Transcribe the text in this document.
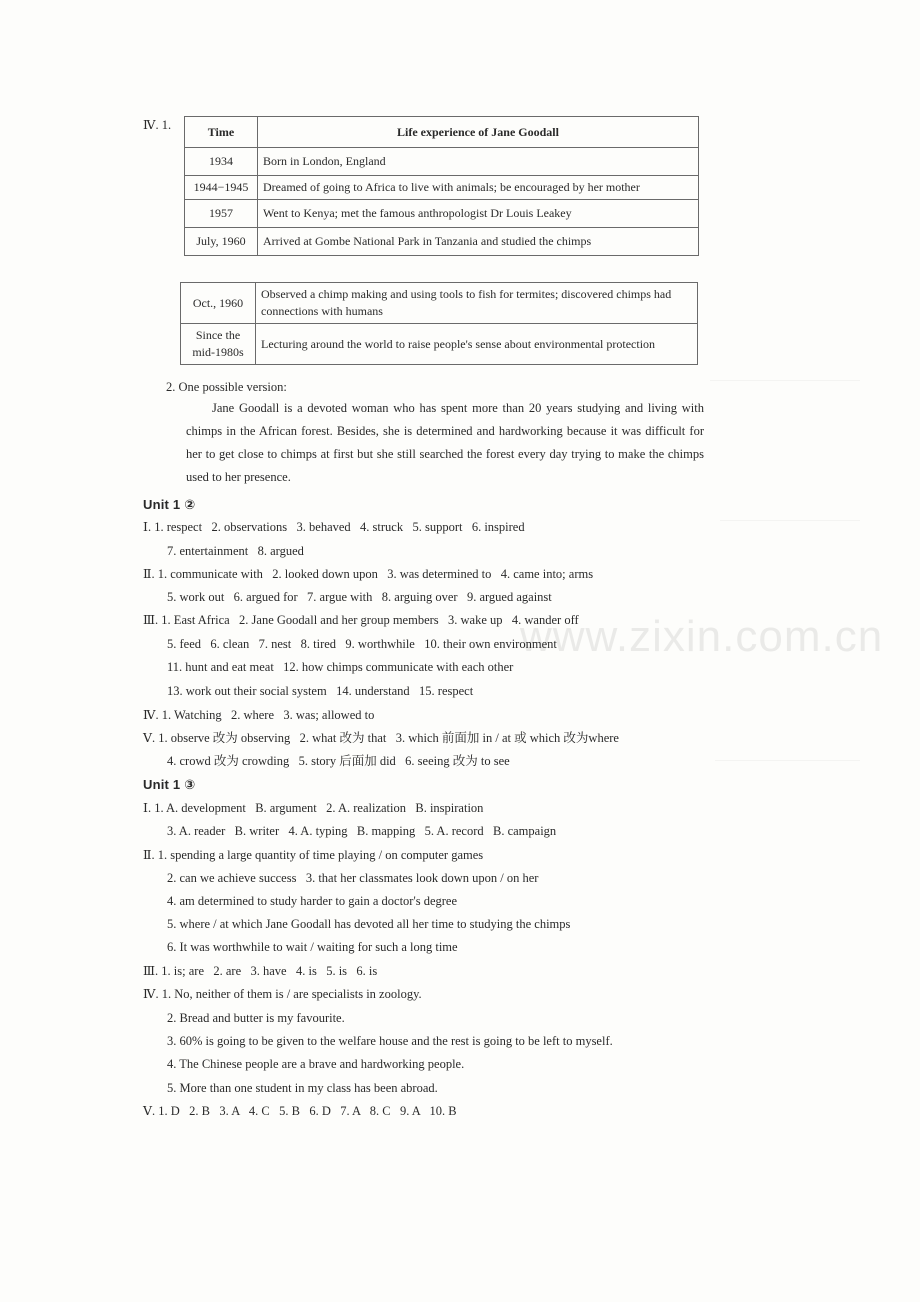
www.zixin.com.cn
Ⅳ. 1.	Time	Life experience of Jane Goodall
1934	Born in London, England
1944−1945	Dreamed of going to Africa to live with animals; be encouraged by her mother
1957	Went to Kenya; met the famous anthropologist Dr Louis Leakey
July, 1960	Arrived at Gombe National Park in Tanzania and studied the chimps
Oct., 1960	Observed a chimp making and using tools to fish for termites; discovered chimps had connections with humans
Since the mid-1980s	Lecturing around the world to raise people's sense about environmental protection
2. One possible version:
Jane Goodall is a devoted woman who has spent more than 20 years studying and living with chimps in the African forest. Besides, she is determined and hardworking because it was difficult for her to get close to chimps at first but she still searched the forest every day trying to make the chimps used to her presence.
Unit 1 ②
Ⅰ. 1. respect   2. observations   3. behaved   4. struck   5. support   6. inspired
7. entertainment   8. argued
Ⅱ. 1. communicate with   2. looked down upon   3. was determined to   4. came into; arms
5. work out   6. argued for   7. argue with   8. arguing over   9. argued against
Ⅲ. 1. East Africa   2. Jane Goodall and her group members   3. wake up   4. wander off
5. feed   6. clean   7. nest   8. tired   9. worthwhile   10. their own environment
11. hunt and eat meat   12. how chimps communicate with each other
13. work out their social system   14. understand   15. respect
Ⅳ. 1. Watching   2. where   3. was; allowed to
Ⅴ. 1. observe 改为 observing   2. what 改为 that   3. which 前面加 in / at 或 which 改为where
4. crowd 改为 crowding   5. story 后面加 did   6. seeing 改为 to see
Unit 1 ③
Ⅰ. 1. A. development   B. argument   2. A. realization   B. inspiration
3. A. reader   B. writer   4. A. typing   B. mapping   5. A. record   B. campaign
Ⅱ. 1. spending a large quantity of time playing / on computer games
2. can we achieve success   3. that her classmates look down upon / on her
4. am determined to study harder to gain a doctor's degree
5. where / at which Jane Goodall has devoted all her time to studying the chimps
6. It was worthwhile to wait / waiting for such a long time
Ⅲ. 1. is; are   2. are   3. have   4. is   5. is   6. is
Ⅳ. 1. No, neither of them is / are specialists in zoology.
2. Bread and butter is my favourite.
3. 60% is going to be given to the welfare house and the rest is going to be left to myself.
4. The Chinese people are a brave and hardworking people.
5. More than one student in my class has been abroad.
Ⅴ. 1. D   2. B   3. A   4. C   5. B   6. D   7. A   8. C   9. A   10. B
